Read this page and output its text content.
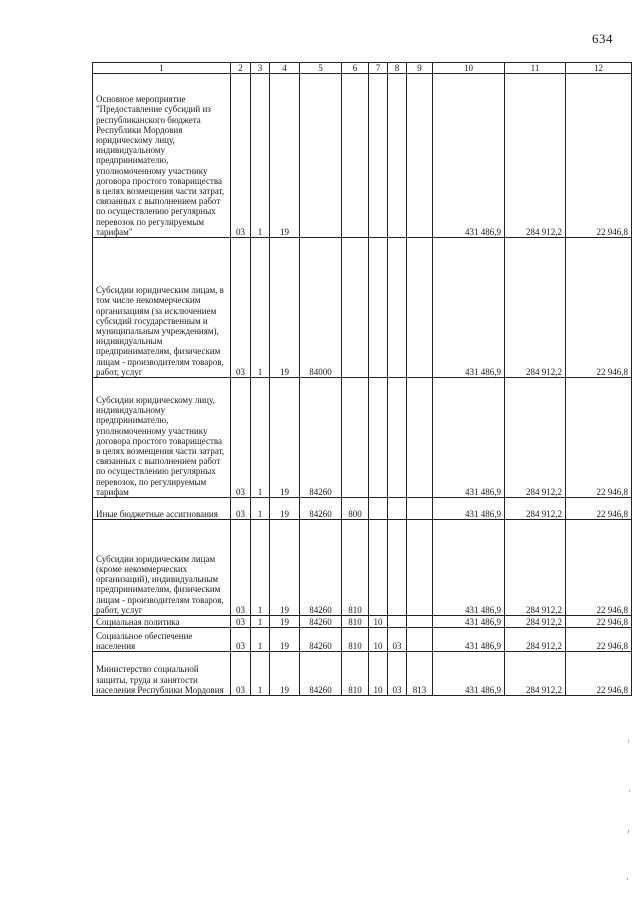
634
1	2	3	4	5	6	7	8	9	10	11	12
Основное мероприятие "Предоставление субсидий из республиканского бюджета Республики Мордовия юридическому лицу, индивидуальному предпринимателю, уполномоченному участнику договора простого товарищества в целях возмещения части затрат, связанных с выполнением работ по осуществлению регулярных перевозок по регулируемым тарифам"	03	1	19						431 486,9	284 912,2	22 946,8
Субсидии юридическим лицам, в том числе некоммерческим организациям (за исключением субсидий государственным и муниципальным учреждениям), индивидуальным предпринимателям, физическим лицам - производителям товаров, работ, услуг	03	1	19	84000					431 486,9	284 912,2	22 946,8
Субсидии юридическому лицу, индивидуальному предпринимателю, уполномоченному участнику договора простого товарищества в целях возмещения части затрат, связанных с выполнением работ по осуществлению регулярных перевозок, по регулируемым тарифам	03	1	19	84260					431 486,9	284 912,2	22 946,8
Иные бюджетные ассигнования	03	1	19	84260	800				431 486,9	284 912,2	22 946,8
Субсидии юридическим лицам (кроме некоммерческих организаций), индивидуальным предпринимателям, физическим лицам - производителям товаров, работ, услуг	03	1	19	84260	810				431 486,9	284 912,2	22 946,8
Социальная политика	03	1	19	84260	810	10			431 486,9	284 912,2	22 946,8
Социальное обеспечение населения	03	1	19	84260	810	10	03		431 486,9	284 912,2	22 946,8
Министерство социальной защиты, труда и занятости населения Республики Мордовия	03	1	19	84260	810	10	03	813	431 486,9	284 912,2	22 946,8
